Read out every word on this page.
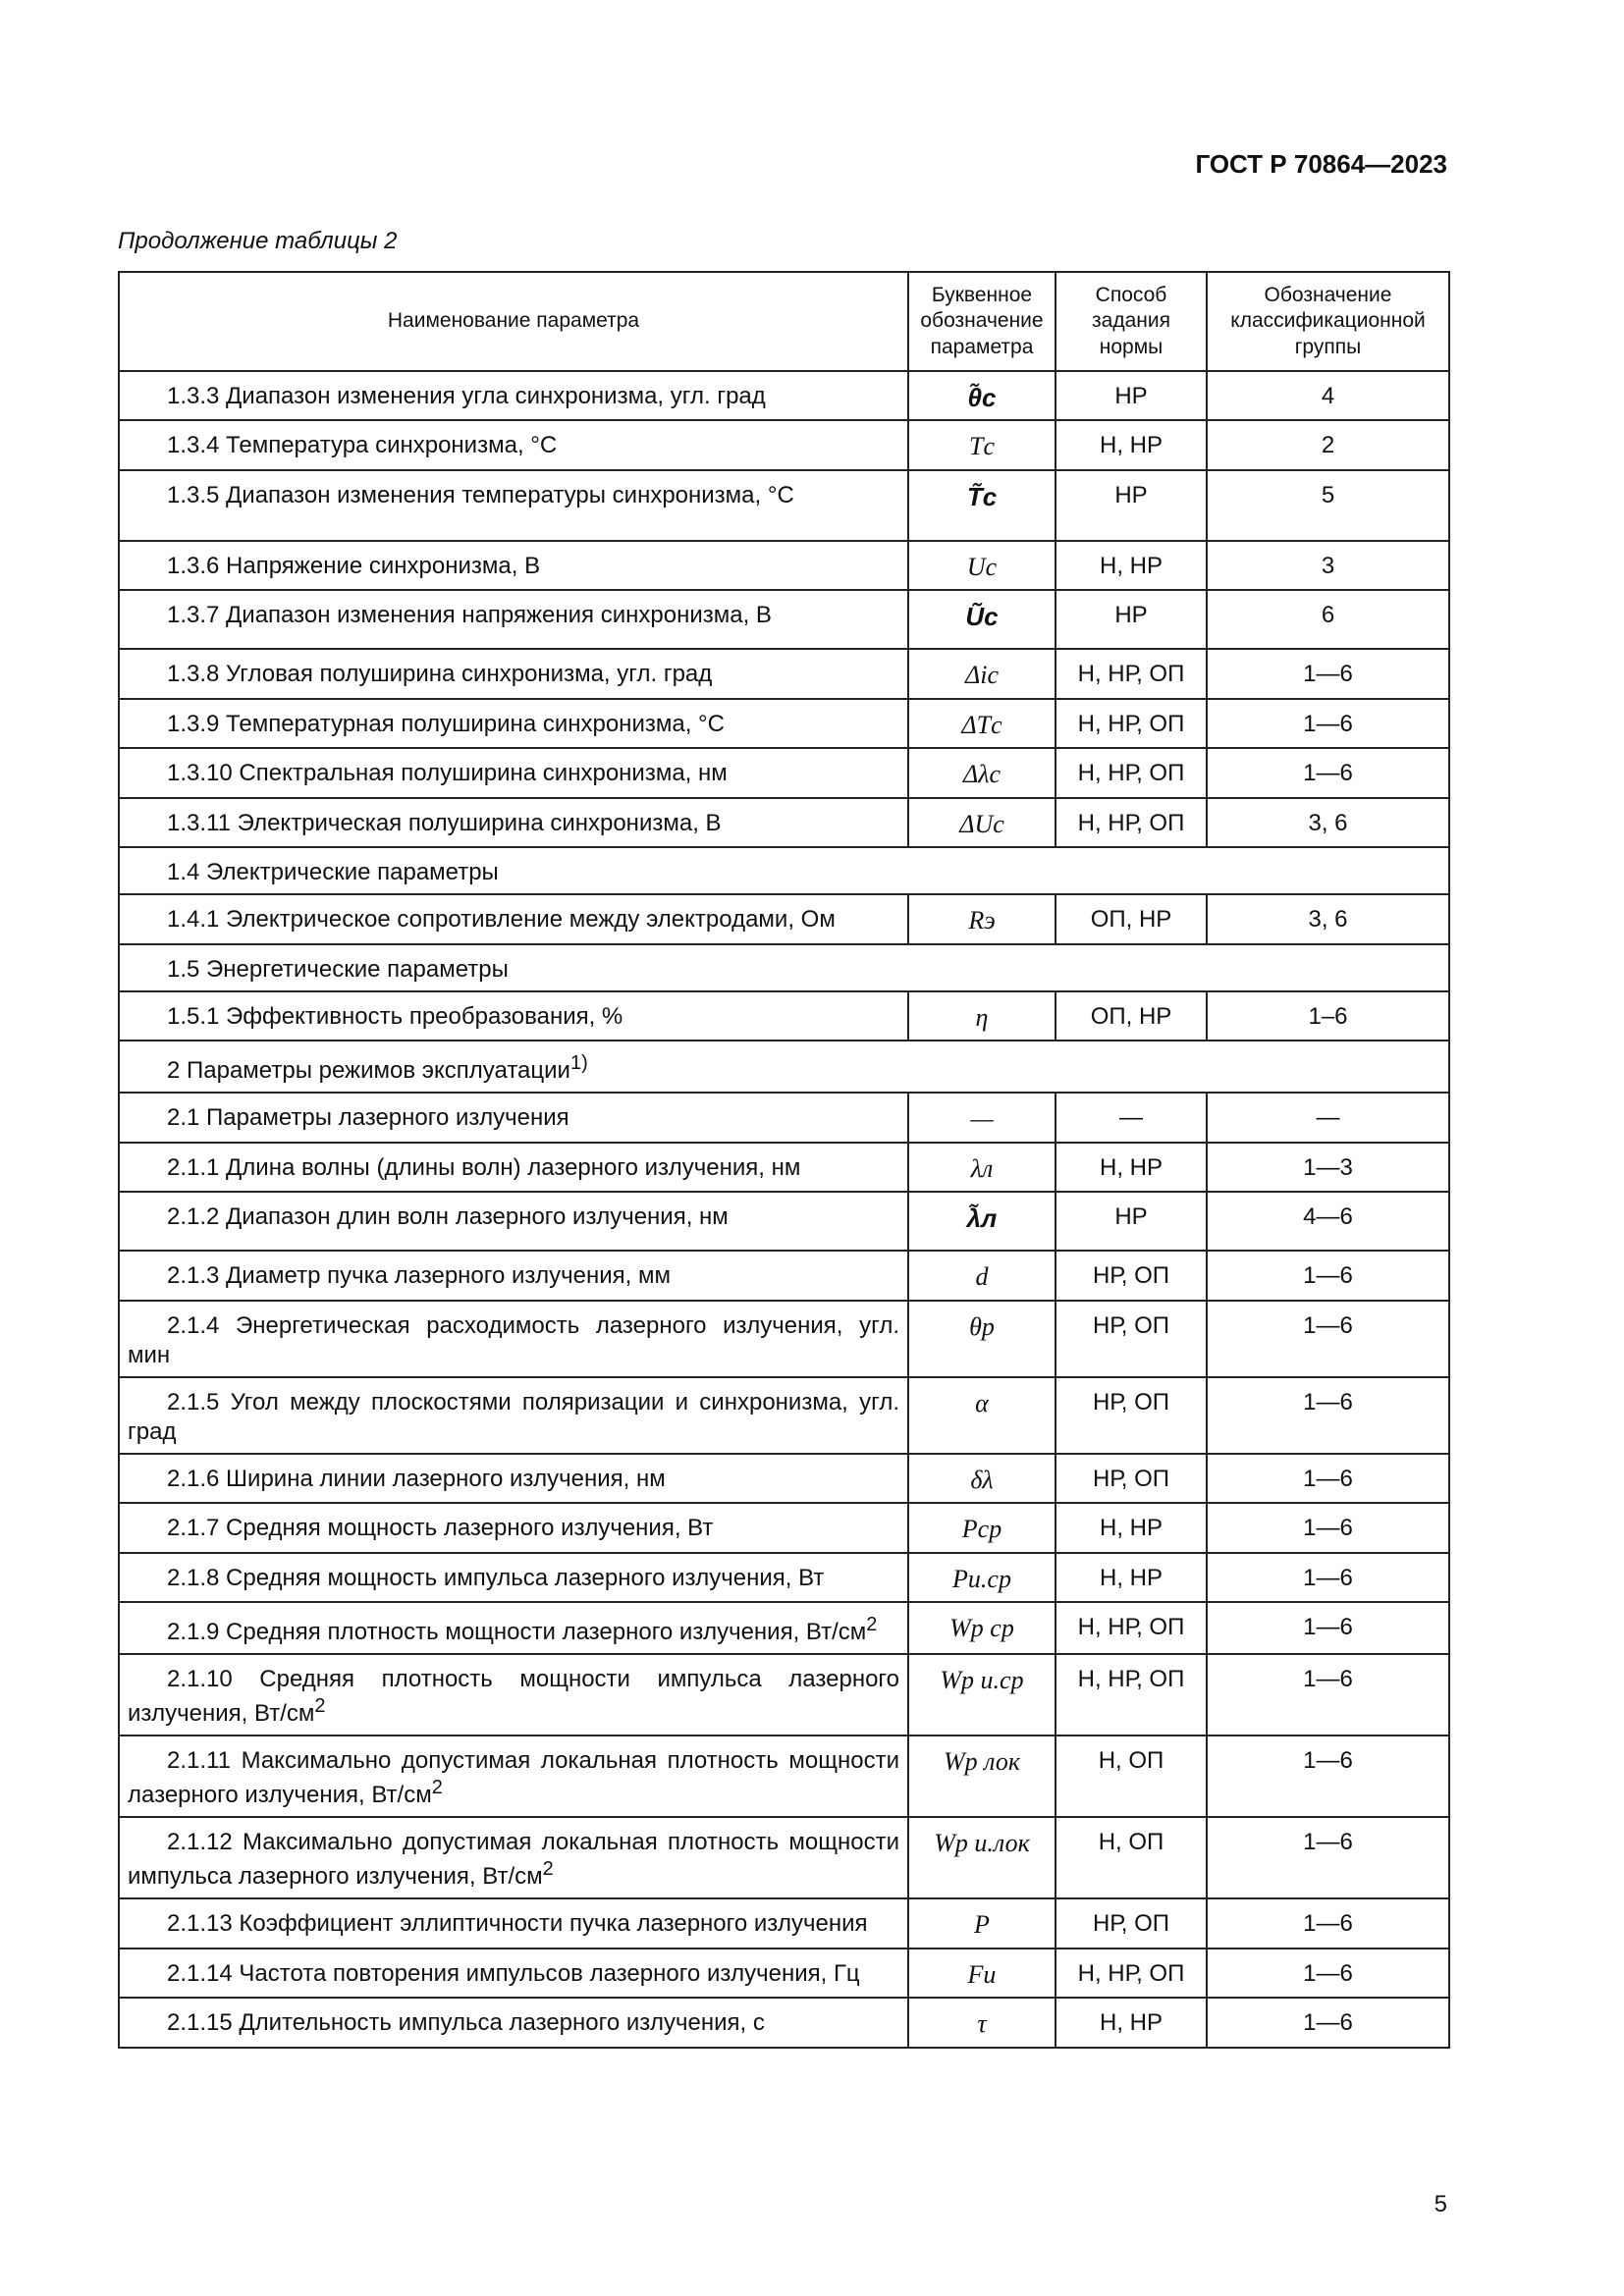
ГОСТ Р 70864—2023
Продолжение таблицы 2
Наименование параметра	Буквенное обозначение параметра	Способ задания нормы	Обозначение классификационной группы
1.3.3 Диапазон изменения угла синхронизма, угл. град	θ̃с	НР	4
1.3.4 Температура синхронизма, °С	Tс	Н, НР	2
1.3.5 Диапазон изменения температуры синхронизма, °С	T̃с	НР	5
1.3.6 Напряжение синхронизма, В	Uс	Н, НР	3
1.3.7 Диапазон изменения напряжения синхронизма, В	Ũс	НР	6
1.3.8 Угловая полуширина синхронизма, угл. град	Δiс	Н, НР, ОП	1—6
1.3.9 Температурная полуширина синхронизма, °С	ΔTс	Н, НР, ОП	1—6
1.3.10 Спектральная полуширина синхронизма, нм	Δλс	Н, НР, ОП	1—6
1.3.11 Электрическая полуширина синхронизма, В	ΔUс	Н, НР, ОП	3, 6
1.4 Электрические параметры			
1.4.1 Электрическое сопротивление между электродами, Ом	Rэ	ОП, НР	3, 6
1.5 Энергетические параметры			
1.5.1 Эффективность преобразования, %	η	ОП, НР	1–6
2 Параметры режимов эксплуатации$^{1)}$
2.1 Параметры лазерного излучения	—	—	—
2.1.1 Длина волны (длины волн) лазерного излучения, нм	λл	Н, НР	1—3
2.1.2 Диапазон длин волн лазерного излучения, нм	λ̃л	НР	4—6
2.1.3 Диаметр пучка лазерного излучения, мм	d	НР, ОП	1—6
2.1.4 Энергетическая расходимость лазерного излучения, угл. мин	θр	НР, ОП	1—6
2.1.5 Угол между плоскостями поляризации и синхронизма, угл. град	α	НР, ОП	1—6
2.1.6 Ширина линии лазерного излучения, нм	δλ	НР, ОП	1—6
2.1.7 Средняя мощность лазерного излучения, Вт	Pср	Н, НР	1—6
2.1.8 Средняя мощность импульса лазерного излучения, Вт	Pи.ср	Н, НР	1—6
2.1.9 Средняя плотность мощности лазерного излучения, $Вт/см^2$	Wp ср	Н, НР, ОП	1—6
2.1.10 Средняя плотность мощности импульса лазерного излучения, $Вт/см^2$	Wp и.ср	Н, НР, ОП	1—6
2.1.11 Максимально допустимая локальная плотность мощности лазерного излучения, $Вт/см^2$	Wp лок	Н, ОП	1—6
2.1.12 Максимально допустимая локальная плотность мощности импульса лазерного излучения, $Вт/см^2$	Wp и.лок	Н, ОП	1—6
2.1.13 Коэффициент эллиптичности пучка лазерного излучения	P	НР, ОП	1—6
2.1.14 Частота повторения импульсов лазерного излучения, Гц	Fи	Н, НР, ОП	1—6
2.1.15 Длительность импульса лазерного излучения, с	τ	Н, НР	1—6
5
